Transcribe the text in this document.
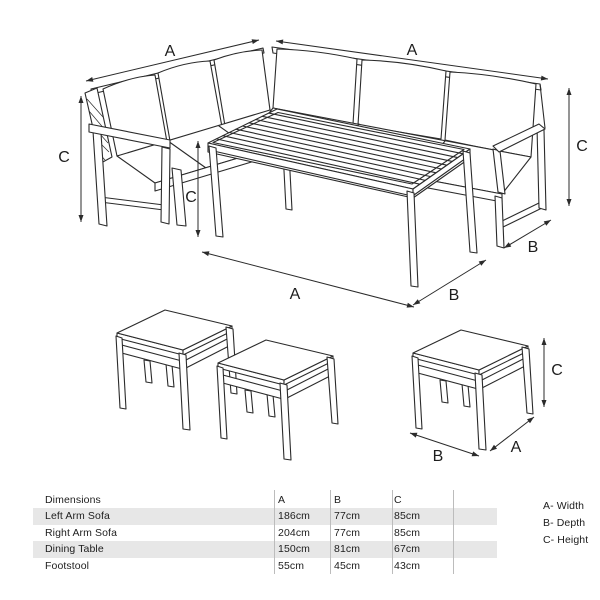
A	A
C
C
C
A	B
B
C
B
A
Dimensions	A	B	C
Left Arm Sofa	186cm 77cm	85cm
Right Arm Sofa	204cm 77cm	85cm
Dining Table	150cm 81cm	67cm
Footstool	55cm	45cm	43cm
A- Width
B- Depth
C- Height
